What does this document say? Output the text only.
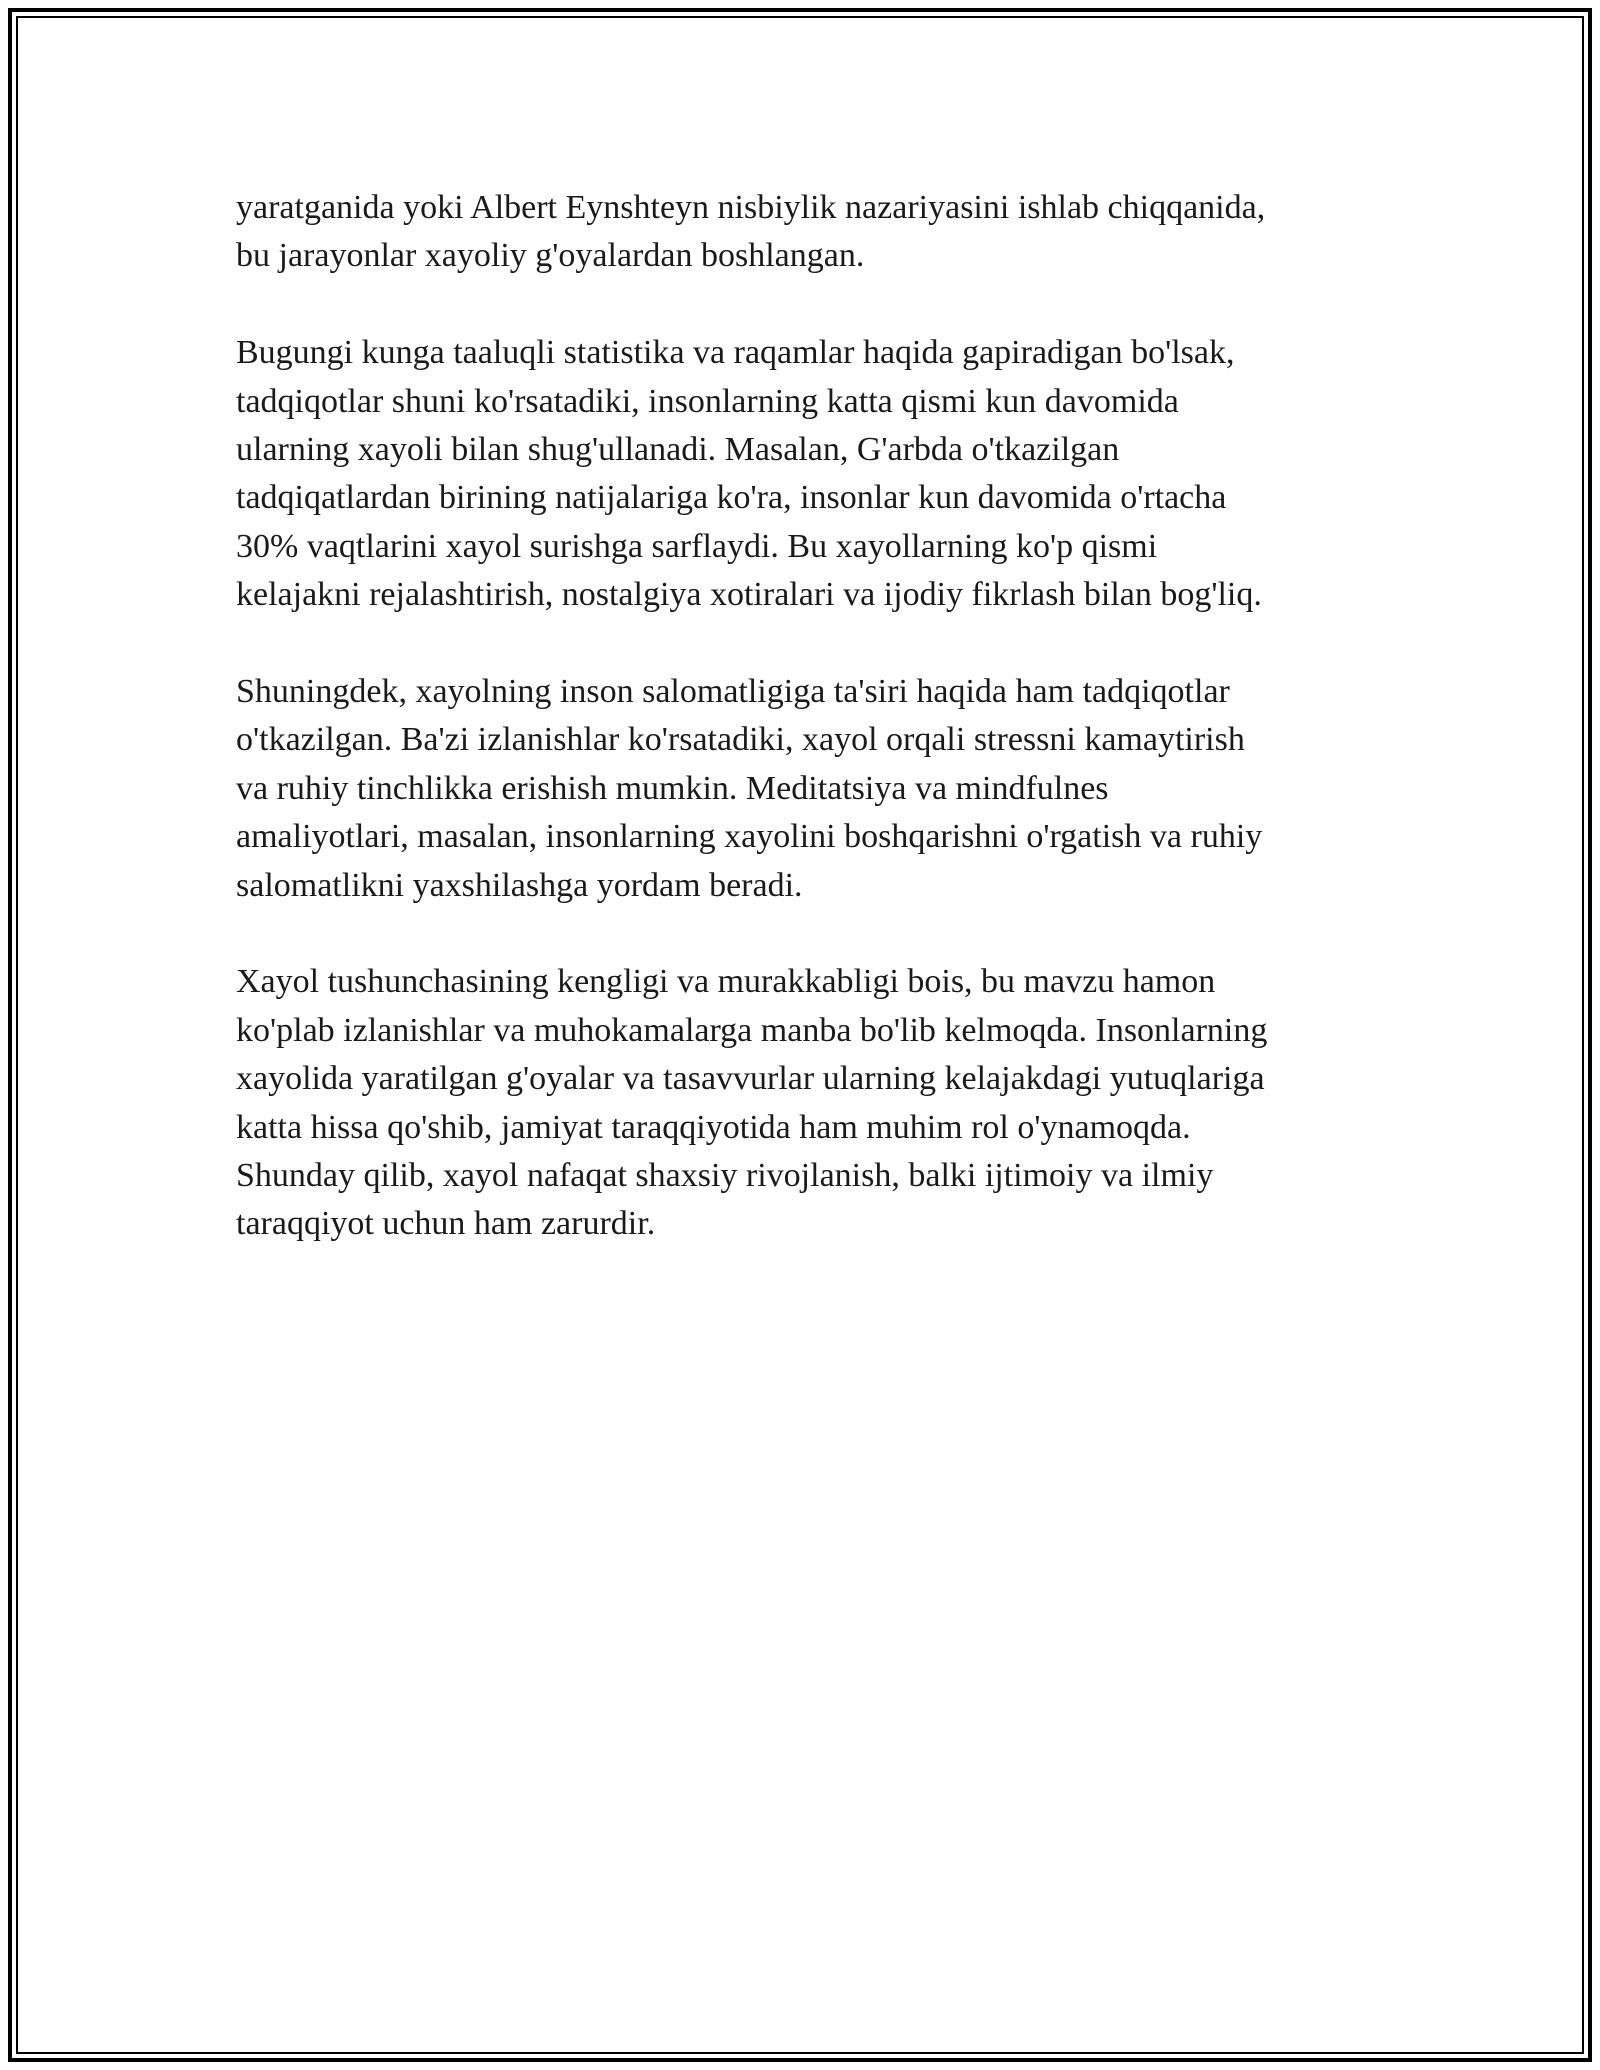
yaratganida yoki Albert Eynshteyn nisbiylik nazariyasini ishlab chiqqanida,
bu jarayonlar xayoliy g'oyalardan boshlangan.

Bugungi kunga taaluqli statistika va raqamlar haqida gapiradigan bo'lsak,
tadqiqotlar shuni ko'rsatadiki, insonlarning katta qismi kun davomida
ularning xayoli bilan shug'ullanadi. Masalan, G'arbda o'tkazilgan
tadqiqatlardan birining natijalariga ko'ra, insonlar kun davomida o'rtacha
30% vaqtlarini xayol surishga sarflaydi. Bu xayollarning ko'p qismi
kelajakni rejalashtirish, nostalgiya xotiralari va ijodiy fikrlash bilan bog'liq.

Shuningdek, xayolning inson salomatligiga ta'siri haqida ham tadqiqotlar
o'tkazilgan. Ba'zi izlanishlar ko'rsatadiki, xayol orqali stressni kamaytirish
va ruhiy tinchlikka erishish mumkin. Meditatsiya va mindfulnes
amaliyotlari, masalan, insonlarning xayolini boshqarishni o'rgatish va ruhiy
salomatlikni yaxshilashga yordam beradi.

Xayol tushunchasining kengligi va murakkabligi bois, bu mavzu hamon
ko'plab izlanishlar va muhokamalarga manba bo'lib kelmoqda. Insonlarning
xayolida yaratilgan g'oyalar va tasavvurlar ularning kelajakdagi yutuqlariga
katta hissa qo'shib, jamiyat taraqqiyotida ham muhim rol o'ynamoqda.
Shunday qilib, xayol nafaqat shaxsiy rivojlanish, balki ijtimoiy va ilmiy
taraqqiyot uchun ham zarurdir.
